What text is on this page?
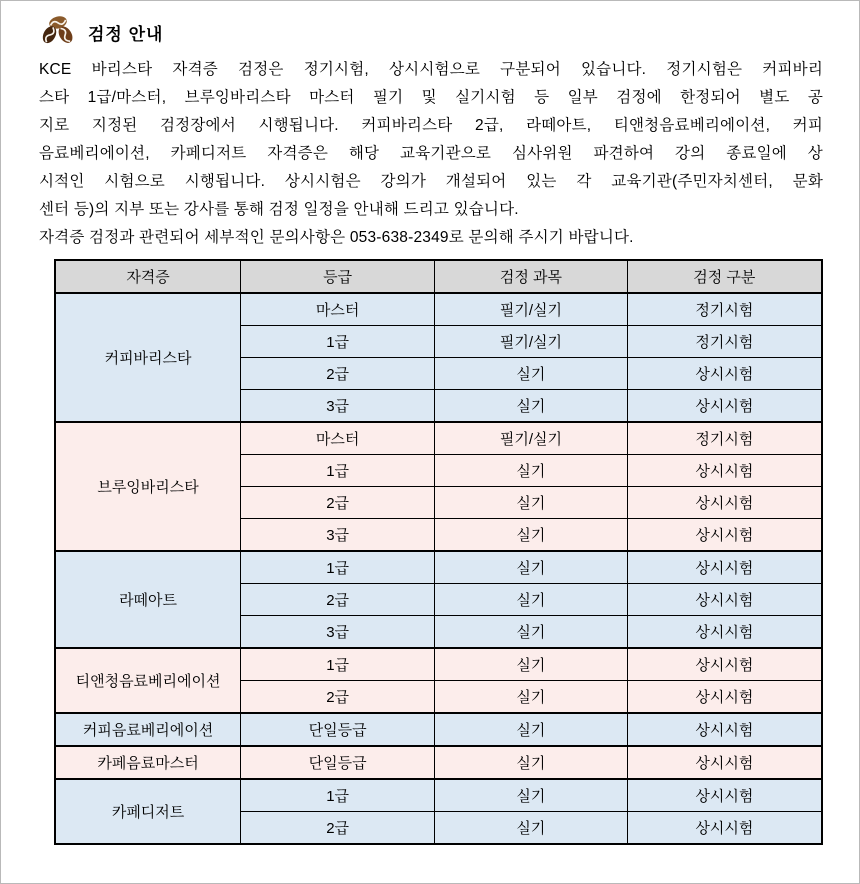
검정 안내
KCE 바리스타 자격증 검정은 정기시험, 상시시험으로 구분되어 있습니다. 정기시험은 커피바리
스타 1급/마스터, 브루잉바리스타 마스터 필기 및 실기시험 등 일부 검정에 한정되어 별도 공
지로 지정된 검정장에서 시행됩니다. 커피바리스타 2급, 라떼아트, 티앤청음료베리에이션, 커피
음료베리에이션, 카페디저트 자격증은 해당 교육기관으로 심사위원 파견하여 강의 종료일에 상
시적인 시험으로 시행됩니다. 상시시험은 강의가 개설되어 있는 각 교육기관(주민자치센터, 문화
센터 등)의 지부 또는 강사를 통해 검정 일정을 안내해 드리고 있습니다.
자격증 검정과 관련되어 세부적인 문의사항은 053-638-2349로 문의해 주시기 바랍니다.
자격증	등급	검정 과목	검정 구분
커피바리스타	마스터	필기/실기	정기시험
	1급	필기/실기	정기시험
	2급	실기	상시시험
	3급	실기	상시시험
브루잉바리스타	마스터	필기/실기	정기시험
	1급	실기	상시시험
	2급	실기	상시시험
	3급	실기	상시시험
라떼아트	1급	실기	상시시험
	2급	실기	상시시험
	3급	실기	상시시험
티앤청음료베리에이션	1급	실기	상시시험
	2급	실기	상시시험
커피음료베리에이션	단일등급	실기	상시시험
카페음료마스터	단일등급	실기	상시시험
카페디저트	1급	실기	상시시험
	2급	실기	상시시험
